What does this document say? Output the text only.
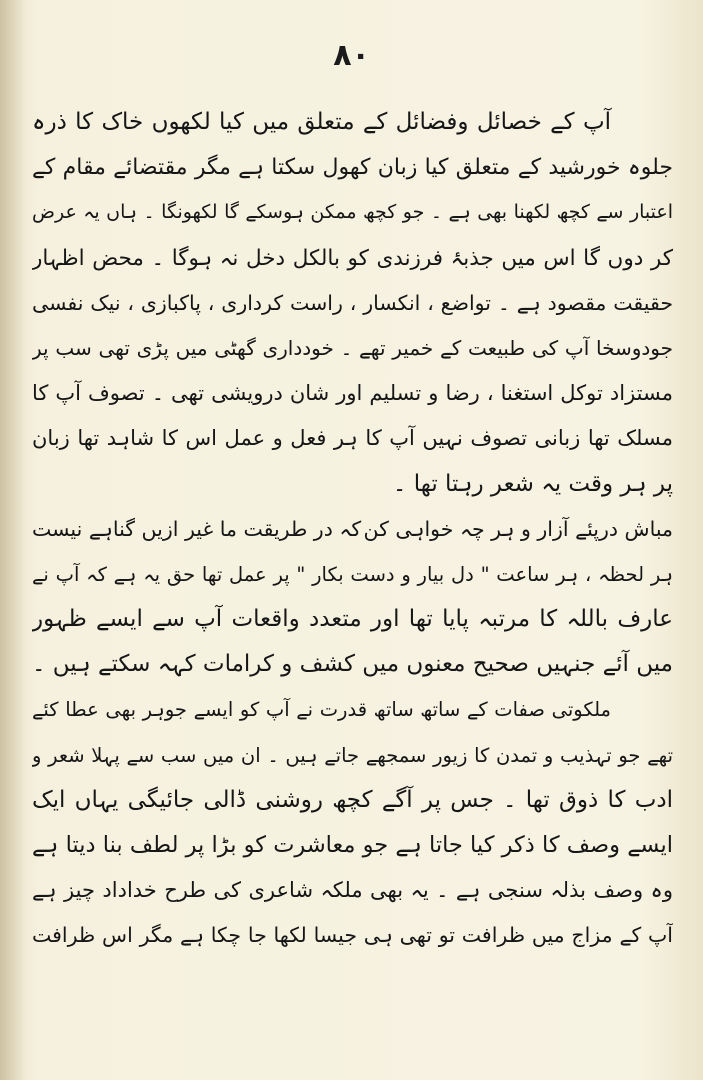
۸۰
آپ کے خصائل وفضائل کے متعلق میں کیا لکھوں خاک کا ذرہ
جلوہ خورشید کے متعلق کیا زبان کھول سکتا ہے مگر مقتضائے مقام کے
اعتبار سے کچھ لکھنا بھی ہے ۔ جو کچھ ممکن ہوسکے گا لکھونگا ۔ ہاں یہ عرض
کر دوں گا اس میں جذبۂ فرزندی کو بالکل دخل نہ ہوگا ۔ محض اظہار
حقیقت مقصود ہے ۔ تواضع ، انکسار ، راست کرداری ، پاکبازی ، نیک نفسی
جودوسخا آپ کی طبیعت کے خمیر تھے ۔ خودداری گھٹی میں پڑی تھی سب پر
مستزاد توکل استغنا ، رضا و تسلیم اور شان درویشی تھی ۔ تصوف آپ کا
مسلک تھا زبانی تصوف نہیں آپ کا ہر فعل و عمل اس کا شاہد تھا زبان
پر ہر وقت یہ شعر رہتا تھا ۔
مباش درپئے آزار و ہر چہ خواہی کن
کہ در طریقت ما غیر ازیں گناہے نیست
ہر لحظہ ، ہر ساعت " دل بیار و دست بکار " پر عمل تھا حق یہ ہے کہ آپ نے
عارف باللہ کا مرتبہ پایا تھا اور متعدد واقعات آپ سے ایسے ظہور
میں آئے جنہیں صحیح معنوں میں کشف و کرامات کہہ سکتے ہیں ۔
ملکوتی صفات کے ساتھ ساتھ قدرت نے آپ کو ایسے جوہر بھی عطا کئے
تھے جو تہذیب و تمدن کا زیور سمجھے جاتے ہیں ۔ ان میں سب سے پہلا شعر و
ادب کا ذوق تھا ۔ جس پر آگے کچھ روشنی ڈالی جائیگی یہاں ایک
ایسے وصف کا ذکر کیا جاتا ہے جو معاشرت کو بڑا پر لطف بنا دیتا ہے
وہ وصف بذلہ سنجی ہے ۔ یہ بھی ملکہ شاعری کی طرح خداداد چیز ہے
آپ کے مزاج میں ظرافت تو تھی ہی جیسا لکھا جا چکا ہے مگر اس ظرافت
